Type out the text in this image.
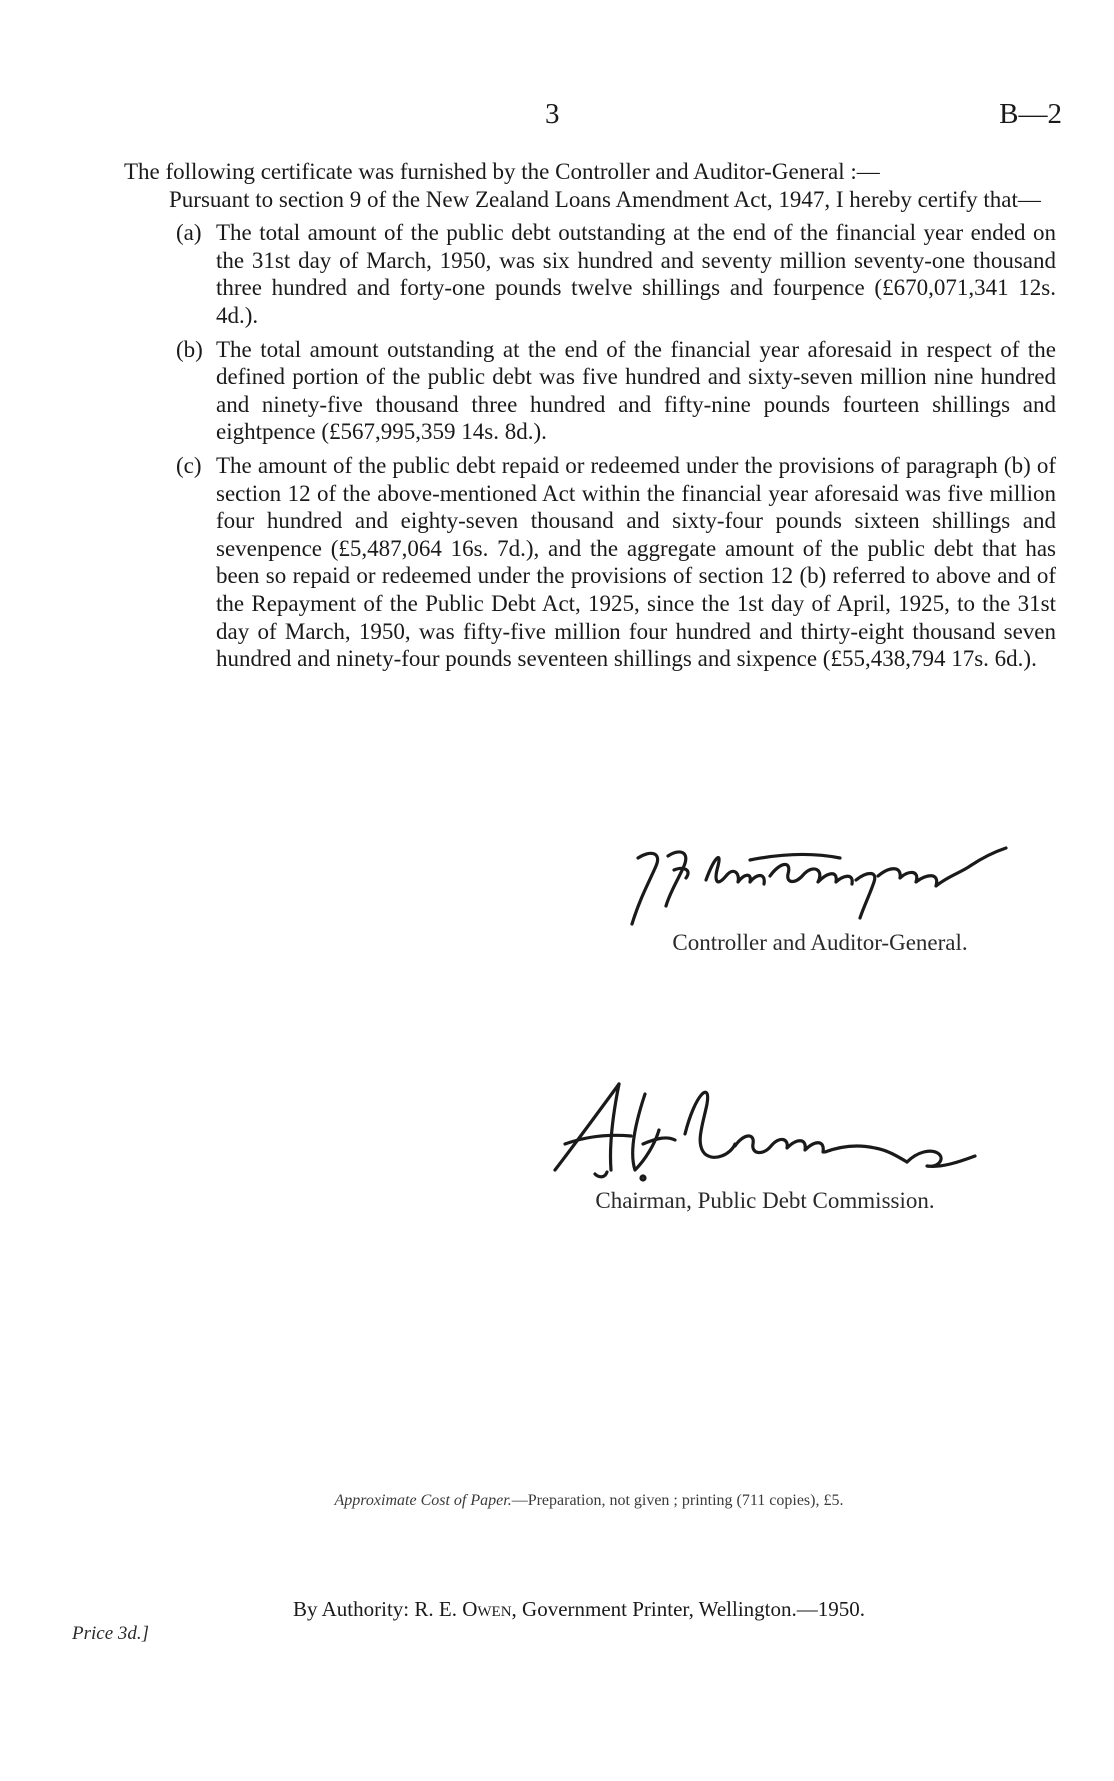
3	B—2

The following certificate was furnished by the Controller and Auditor-General :—

Pursuant to section 9 of the New Zealand Loans Amendment Act, 1947, I hereby certify that—

(a) The total amount of the public debt outstanding at the end of the financial year ended on the 31st day of March, 1950, was six hundred and seventy million seventy-one thousand three hundred and forty-one pounds twelve shillings and fourpence (£670,071,341 12s. 4d.).
(b) The total amount outstanding at the end of the financial year aforesaid in respect of the defined portion of the public debt was five hundred and sixty-seven million nine hundred and ninety-five thousand three hundred and fifty-nine pounds fourteen shillings and eightpence (£567,995,359 14s. 8d.).
(c) The amount of the public debt repaid or redeemed under the provisions of paragraph (b) of section 12 of the above-mentioned Act within the financial year aforesaid was five million four hundred and eighty-seven thousand and sixty-four pounds sixteen shillings and sevenpence (£5,487,064 16s. 7d.), and the aggregate amount of the public debt that has been so repaid or redeemed under the provisions of section 12 (b) referred to above and of the Repayment of the Public Debt Act, 1925, since the 1st day of April, 1925, to the 31st day of March, 1950, was fifty-five million four hundred and thirty-eight thousand seven hundred and ninety-four pounds seventeen shillings and sixpence (£55,438,794 17s. 6d.).
Controller and Auditor-General.
Chairman, Public Debt Commission.
Approximate Cost of Paper.—Preparation, not given ; printing (711 copies), £5.
By Authority: R. E. Owen, Government Printer, Wellington.—1950.
Price 3d.]
